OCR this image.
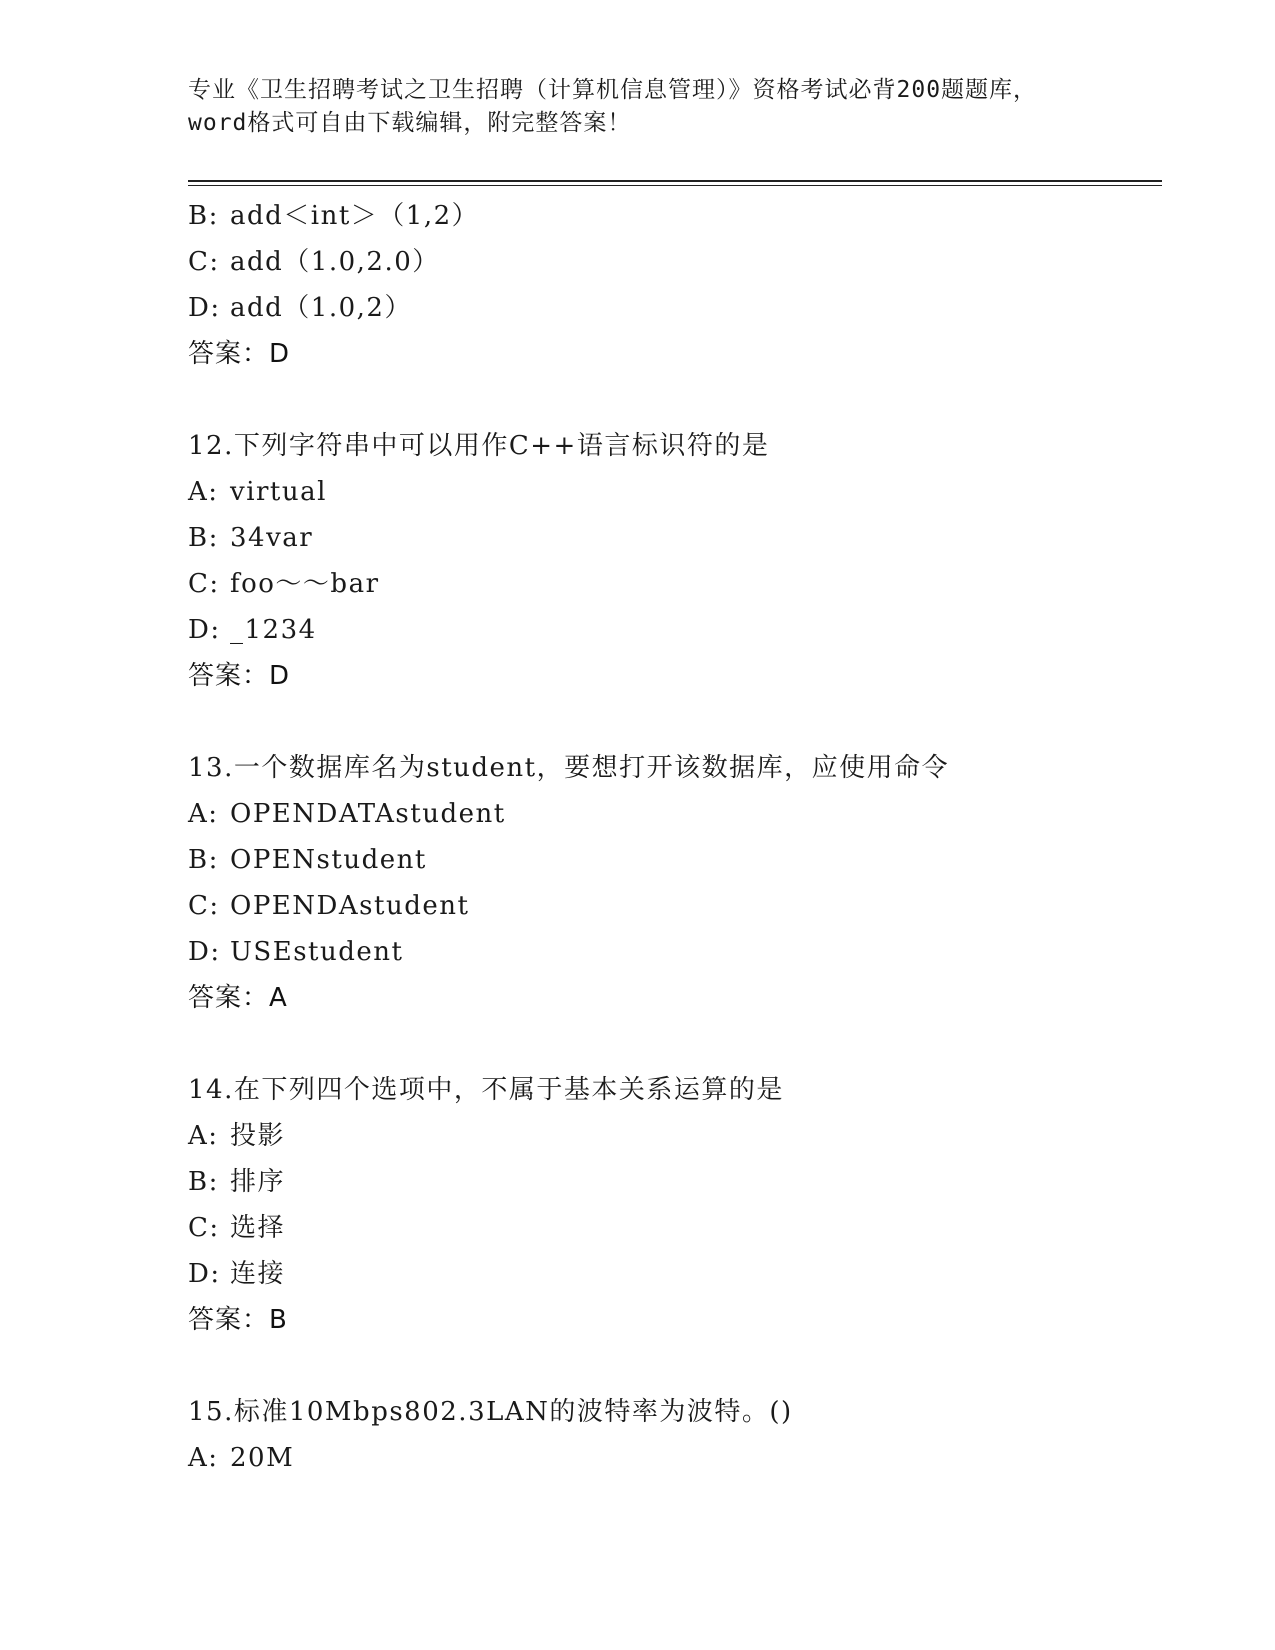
专业《卫生招聘考试之卫生招聘（计算机信息管理）》资格考试必背200题题库，
word格式可自由下载编辑，附完整答案！
B: add＜int＞（1,2）
C: add（1.0,2.0）
D: add（1.0,2）
答案：D
12.下列字符串中可以用作C++语言标识符的是
A: virtual
B: 34var
C: foo～～bar
D: _1234
答案：D
13.一个数据库名为student，要想打开该数据库，应使用命令
A: OPENDATAstudent
B: OPENstudent
C: OPENDAstudent
D: USEstudent
答案：A
14.在下列四个选项中，不属于基本关系运算的是
A: 投影
B: 排序
C: 选择
D: 连接
答案：B
15.标准10Mbps802.3LAN的波特率为波特。()
A: 20M
